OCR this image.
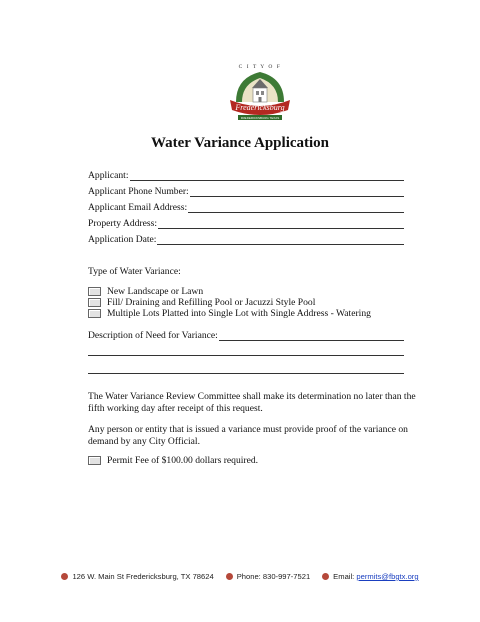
C I T Y O F
Fredericksburg
FREDERICKSBURG TEXAS
Water Variance Application
Applicant:
Applicant Phone Number:
Applicant Email Address:
Property Address:
Application Date:
Type of Water Variance:
New Landscape or Lawn
Fill/ Draining and Refilling Pool or Jacuzzi Style Pool
Multiple Lots Platted into Single Lot with Single Address - Watering
Description of Need for Variance:
The Water Variance Review Committee shall make its determination no later than the fifth working day after receipt of this request.
Any person or entity that is issued a variance must provide proof of the variance on demand by any City Official.
Permit Fee of $100.00 dollars required.
126 W. Main St Fredericksburg, TX 78624	Phone: 830-997-7521	Email: permits@fbgtx.org
